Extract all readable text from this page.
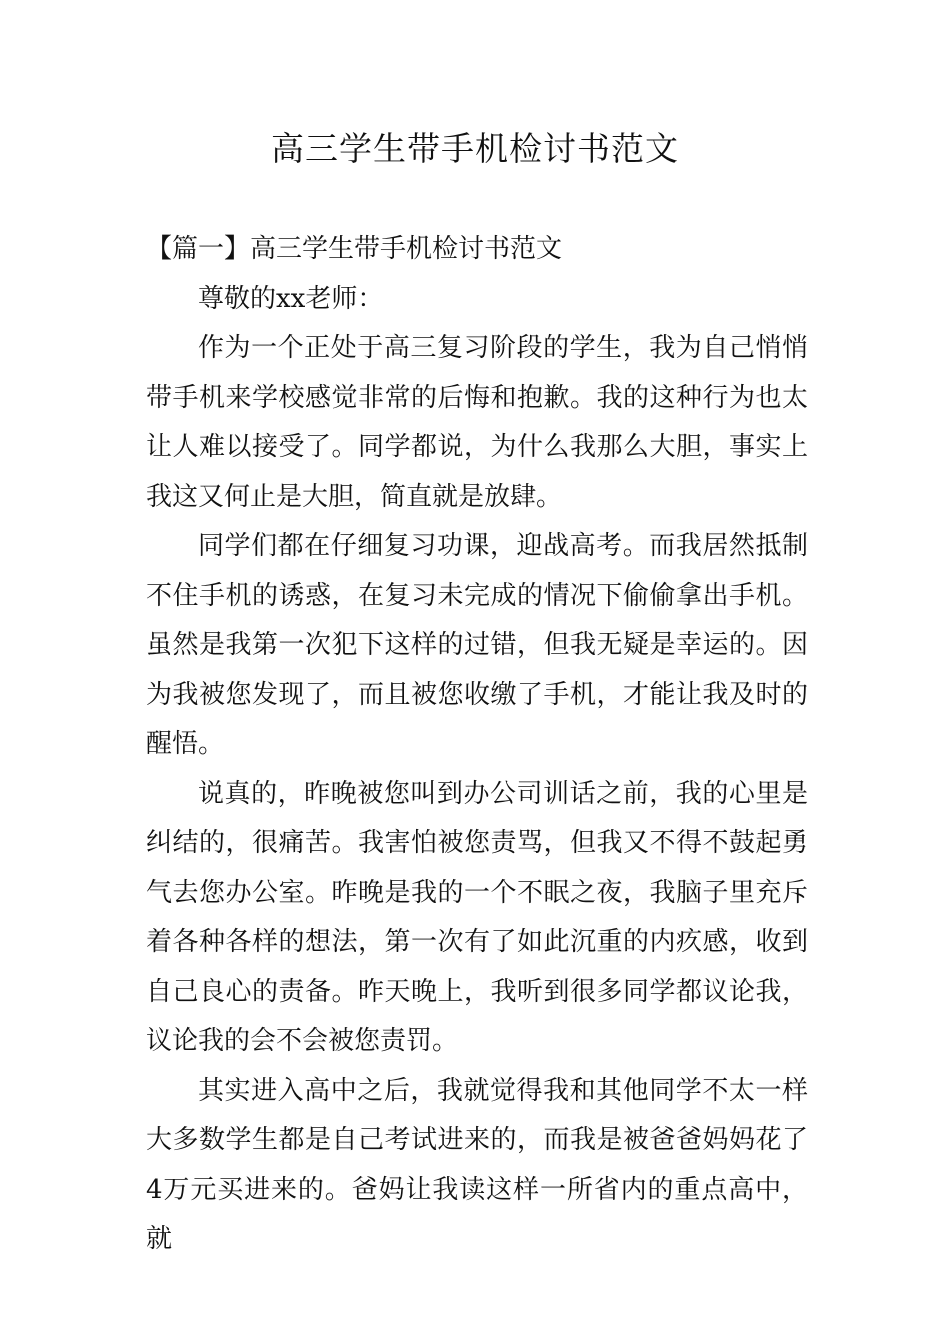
高三学生带手机检讨书范文

【篇一】高三学生带手机检讨书范文

尊敬的xx老师：

作为一个正处于高三复习阶段的学生，我为自己悄悄带手机来学校感觉非常的后悔和抱歉。我的这种行为也太让人难以接受了。同学都说，为什么我那么大胆，事实上我这又何止是大胆，简直就是放肆。

同学们都在仔细复习功课，迎战高考。而我居然抵制不住手机的诱惑，在复习未完成的情况下偷偷拿出手机。虽然是我第一次犯下这样的过错，但我无疑是幸运的。因为我被您发现了，而且被您收缴了手机，才能让我及时的醒悟。

说真的，昨晚被您叫到办公司训话之前，我的心里是纠结的，很痛苦。我害怕被您责骂，但我又不得不鼓起勇气去您办公室。昨晚是我的一个不眠之夜，我脑子里充斥着各种各样的想法，第一次有了如此沉重的内疚感，收到自己良心的责备。昨天晚上，我听到很多同学都议论我，议论我的会不会被您责罚。

其实进入高中之后，我就觉得我和其他同学不太一样大多数学生都是自己考试进来的，而我是被爸爸妈妈花了4万元买进来的。爸妈让我读这样一所省内的重点高中，就
